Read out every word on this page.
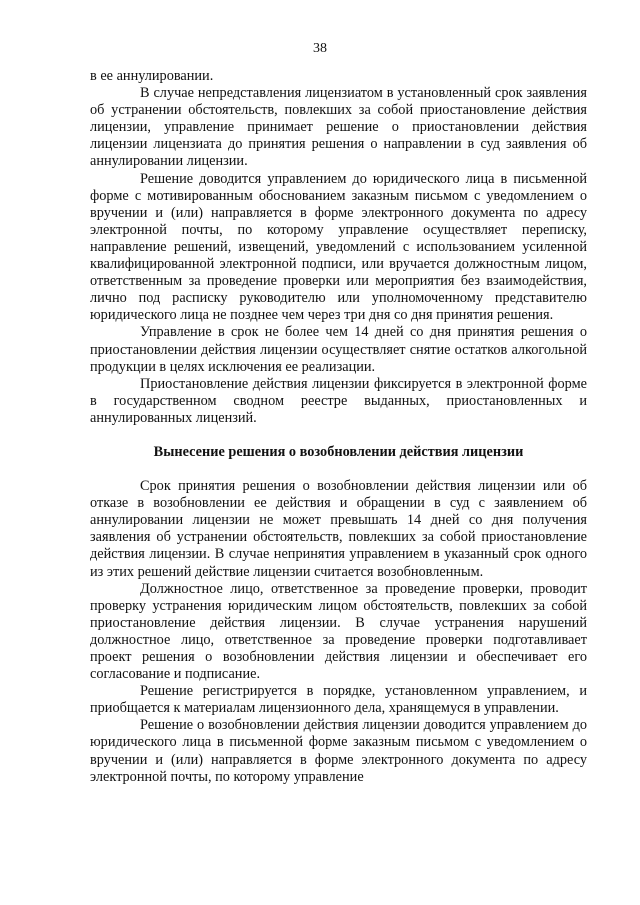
38

в ее аннулировании.

В случае непредставления лицензиатом в установленный срок заявления об устранении обстоятельств, повлекших за собой приостановление действия лицензии, управление принимает решение о приостановлении действия лицензии лицензиата до принятия решения о направлении в суд заявления об аннулировании лицензии.

Решение доводится управлением до юридического лица в письменной форме с мотивированным обоснованием заказным письмом с уведомлением о вручении и (или) направляется в форме электронного документа по адресу электронной почты, по которому управление осуществляет переписку, направление решений, извещений, уведомлений с использованием усиленной квалифицированной электронной подписи, или вручается должностным лицом, ответственным за проведение проверки или мероприятия без взаимодействия, лично под расписку руководителю или уполномоченному представителю юридического лица не позднее чем через три дня со дня принятия решения.

Управление в срок не более чем 14 дней со дня принятия решения о приостановлении действия лицензии осуществляет снятие остатков алкогольной продукции в целях исключения ее реализации.

Приостановление действия лицензии фиксируется в электронной форме в государственном сводном реестре выданных, приостановленных и аннулированных лицензий.

Вынесение решения о возобновлении действия лицензии

Срок принятия решения о возобновлении действия лицензии или об отказе в возобновлении ее действия и обращении в суд с заявлением об аннулировании лицензии не может превышать 14 дней со дня получения заявления об устранении обстоятельств, повлекших за собой приостановление действия лицензии. В случае непринятия управлением в указанный срок одного из этих решений действие лицензии считается возобновленным.

Должностное лицо, ответственное за проведение проверки, проводит проверку устранения юридическим лицом обстоятельств, повлекших за собой приостановление действия лицензии. В случае устранения нарушений должностное лицо, ответственное за проведение проверки подготавливает проект решения о возобновлении действия лицензии и обеспечивает его согласование и подписание.

Решение регистрируется в порядке, установленном управлением, и приобщается к материалам лицензионного дела, хранящемуся в управлении.

Решение о возобновлении действия лицензии доводится управлением до юридического лица в письменной форме заказным письмом с уведомлением о вручении и (или) направляется в форме электронного документа по адресу электронной почты, по которому управление
